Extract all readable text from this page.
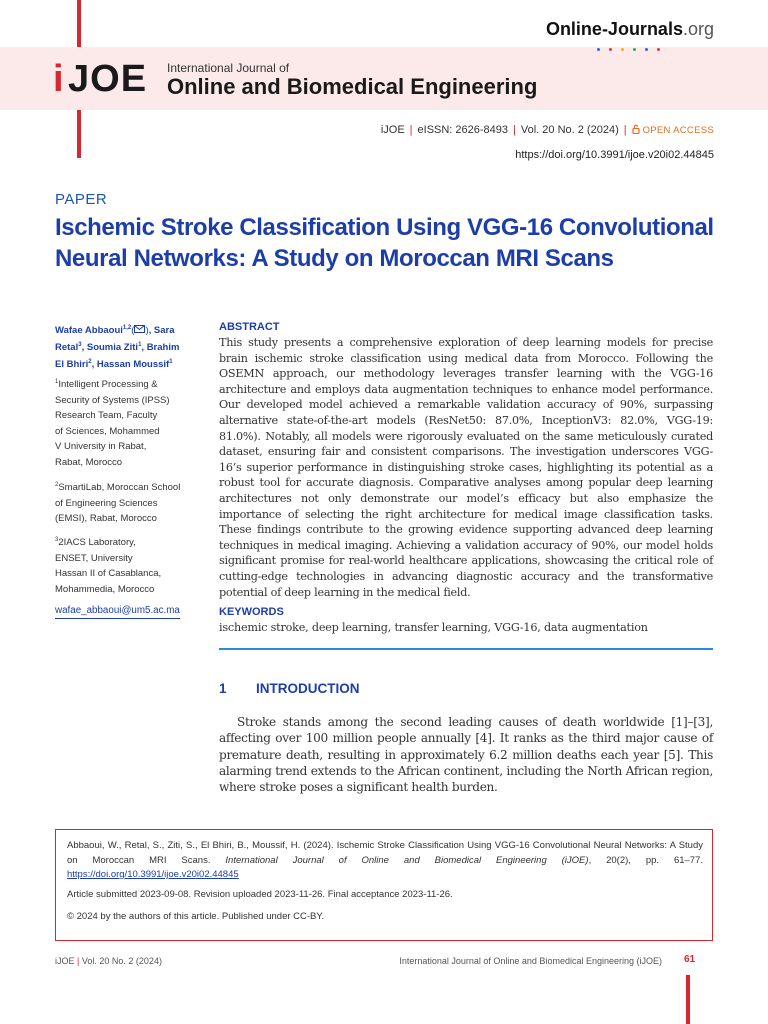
Online-Journals.org
i JOE International Journal of
Online and Biomedical Engineering
iJOE | eISSN: 2626-8493 | Vol. 20 No. 2 (2024) | OPEN ACCESS
https://doi.org/10.3991/ijoe.v20i02.44845
PAPER
Ischemic Stroke Classification Using VGG-16 Convolutional Neural Networks: A Study on Moroccan MRI Scans
Wafae Abbaoui$^{1,2}$( ), Sara Retal$^3$, Soumia Ziti$^1$, Brahim El Bhiri$^2$, Hassan Moussif$^1$
$^1$Intelligent Processing &
Security of Systems (IPSS)
Research Team, Faculty
of Sciences, Mohammed
V University in Rabat,
Rabat, Morocco
$^2$SmartiLab, Moroccan School
of Engineering Sciences
(EMSI), Rabat, Morocco
$^3$2IACS Laboratory,
ENSET, University
Hassan II of Casablanca,
Mohammedia, Morocco
wafae_abbaoui@um5.ac.ma
ABSTRACT
This study presents a comprehensive exploration of deep learning models for precise brain ischemic stroke classification using medical data from Morocco. Following the OSEMN approach, our methodology leverages transfer learning with the VGG-16 architecture and employs data augmentation techniques to enhance model performance. Our developed model achieved a remarkable validation accuracy of 90%, surpassing alternative state-of-the-art models (ResNet50: 87.0%, InceptionV3: 82.0%, VGG-19: 81.0%). Notably, all models were rigorously evaluated on the same meticulously curated dataset, ensuring fair and consistent comparisons. The investigation underscores VGG-16’s superior performance in distinguishing stroke cases, highlighting its potential as a robust tool for accurate diagnosis. Comparative analyses among popular deep learning architectures not only demonstrate our model’s efficacy but also emphasize the importance of selecting the right architecture for medical image classification tasks. These findings contribute to the growing evidence supporting advanced deep learning techniques in medical imaging. Achieving a validation accuracy of 90%, our model holds significant promise for real-world healthcare applications, showcasing the critical role of cutting-edge technologies in advancing diagnostic accuracy and the transformative potential of deep learning in the medical field.
KEYWORDS
ischemic stroke, deep learning, transfer learning, VGG-16, data augmentation
1 INTRODUCTION
Stroke stands among the second leading causes of death worldwide [1]–[3], affecting over 100 million people annually [4]. It ranks as the third major cause of premature death, resulting in approximately 6.2 million deaths each year [5]. This alarming trend extends to the African continent, including the North African region, where stroke poses a significant health burden.
Abbaoui, W., Retal, S., Ziti, S., El Bhiri, B., Moussif, H. (2024). Ischemic Stroke Classification Using VGG-16 Convolutional Neural Networks: A Study on Moroccan MRI Scans. International Journal of Online and Biomedical Engineering (iJOE), 20(2), pp. 61–77. https://doi.org/10.3991/ijoe.v20i02.44845
Article submitted 2023-09-08. Revision uploaded 2023-11-26. Final acceptance 2023-11-26.
© 2024 by the authors of this article. Published under CC-BY.
iJOE | Vol. 20 No. 2 (2024)	International Journal of Online and Biomedical Engineering (iJOE) 61
